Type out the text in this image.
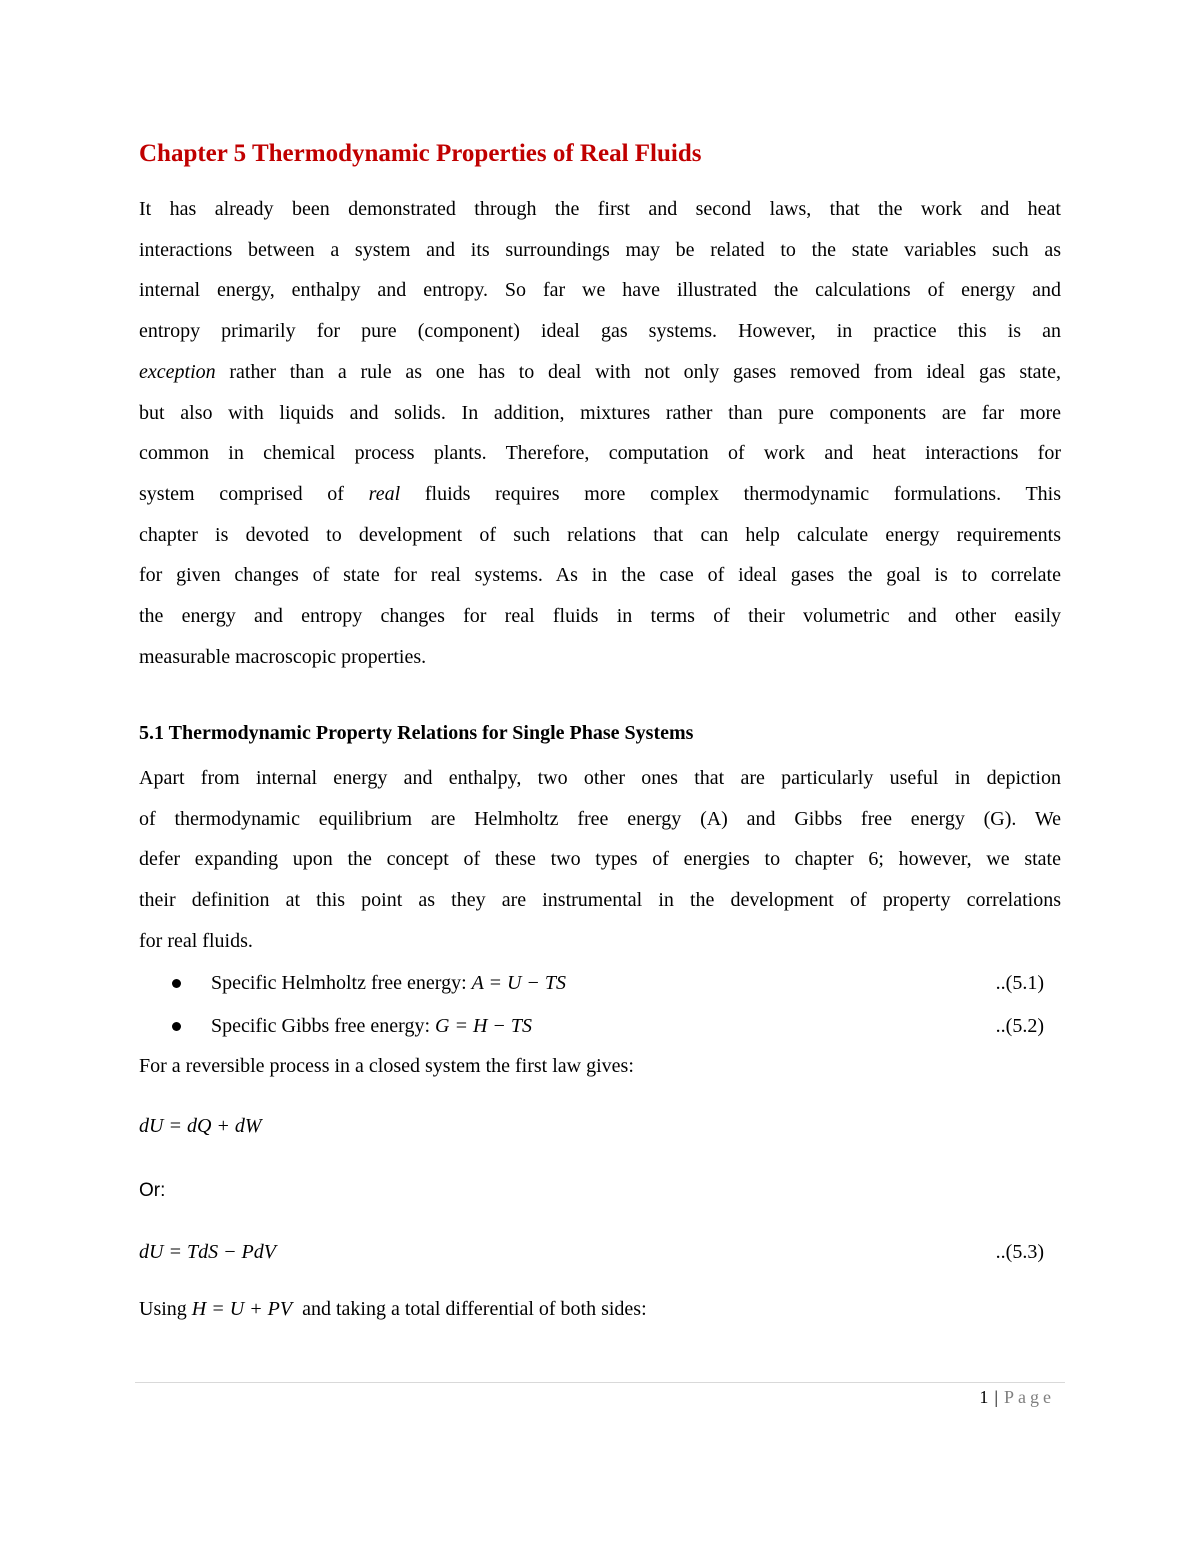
Chapter 5 Thermodynamic Properties of Real Fluids
It has already been demonstrated through the first and second laws, that the work and heat
interactions between a system and its surroundings may be related to the state variables such as
internal energy, enthalpy and entropy. So far we have illustrated the calculations of energy and
entropy primarily for pure (component) ideal gas systems. However, in practice this is an
exception rather than a rule as one has to deal with not only gases removed from ideal gas state,
but also with liquids and solids. In addition, mixtures rather than pure components are far more
common in chemical process plants. Therefore, computation of work and heat interactions for
system comprised of real fluids requires more complex thermodynamic formulations. This
chapter is devoted to development of such relations that can help calculate energy requirements
for given changes of state for real systems. As in the case of ideal gases the goal is to correlate
the energy and entropy changes for real fluids in terms of their volumetric and other easily
measurable macroscopic properties.
5.1 Thermodynamic Property Relations for Single Phase Systems
Apart from internal energy and enthalpy, two other ones that are particularly useful in depiction
of thermodynamic equilibrium are Helmholtz free energy (A) and Gibbs free energy (G). We
defer expanding upon the concept of these two types of energies to chapter 6; however, we state
their definition at this point as they are instrumental in the development of property correlations
for real fluids.
Specific Helmholtz free energy: A = U − TS	..(5.1)
Specific Gibbs free energy: G = H − TS	..(5.2)

For a reversible process in a closed system the first law gives:

dU = dQ + dW

Or:

dU = TdS − PdV	..(5.3)

Using H = U + PV  and taking a total differential of both sides:

1 | Page
